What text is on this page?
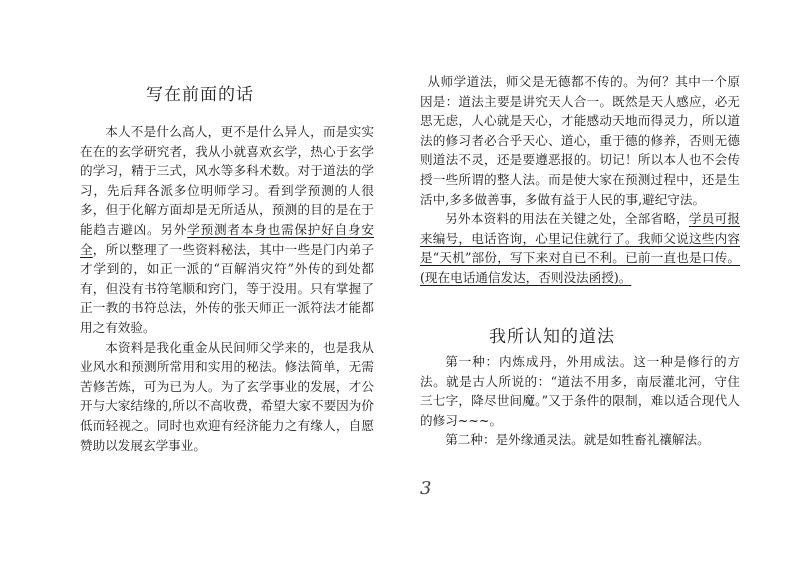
写在前面的话

本人不是什么高人，更不是什么异人，而是实实在在的玄学研究者，我从小就喜欢玄学，热心于玄学的学习，精于三式，风水等多科术数。对于道法的学习，先后拜各派多位明师学习。看到学预测的人很多，但于化解方面却是无所适从，预测的目的是在于能趋吉避凶。另外学预测者本身也需保护好自身安全，所以整理了一些资料秘法，其中一些是门内弟子才学到的，如正一派的“百解消灾符”外传的到处都有，但没有书符笔顺和窍门，等于没用。只有掌握了正一教的书符总法，外传的张天师正一派符法才能都用之有效验。

本资料是我化重金从民间师父学来的，也是我从业风水和预测所常用和实用的秘法。修法简单，无需苦修苦炼，可为已为人。为了玄学事业的发展，才公开与大家结缘的,所以不高收费，希望大家不要因为价低而轻视之。同时也欢迎有经济能力之有缘人，自愿赞助以发展玄学事业。

从师学道法，师父是无德都不传的。为何？其中一个原因是：道法主要是讲究天人合一。既然是天人感应，必无思无虑，人心就是天心，才能感动天地而得灵力，所以道法的修习者必合乎天心、道心，重于德的修养，否则无德则道法不灵，还是要遵恶报的。切记！所以本人也不会传授一些所谓的整人法。而是使大家在预测过程中，还是生活中,多多做善事，多做有益于人民的事,避纪守法。

另外本资料的用法在关键之处，全部省略，学员可报来编号，电话咨询，心里记住就行了。我师父说这些内容是“天机”部份，写下来对自已不利。已前一直也是口传。(现在电话通信发达，否则没法函授)。

我所认知的道法

第一种：内炼成丹，外用成法。这一种是修行的方法。就是古人所说的：“道法不用多，南辰灌北河，守住三七字，降尽世间魔。”又于条件的限制，难以适合现代人的修习~~~。

第二种：是外缘通灵法。就是如牲畜礼禳解法。

3
